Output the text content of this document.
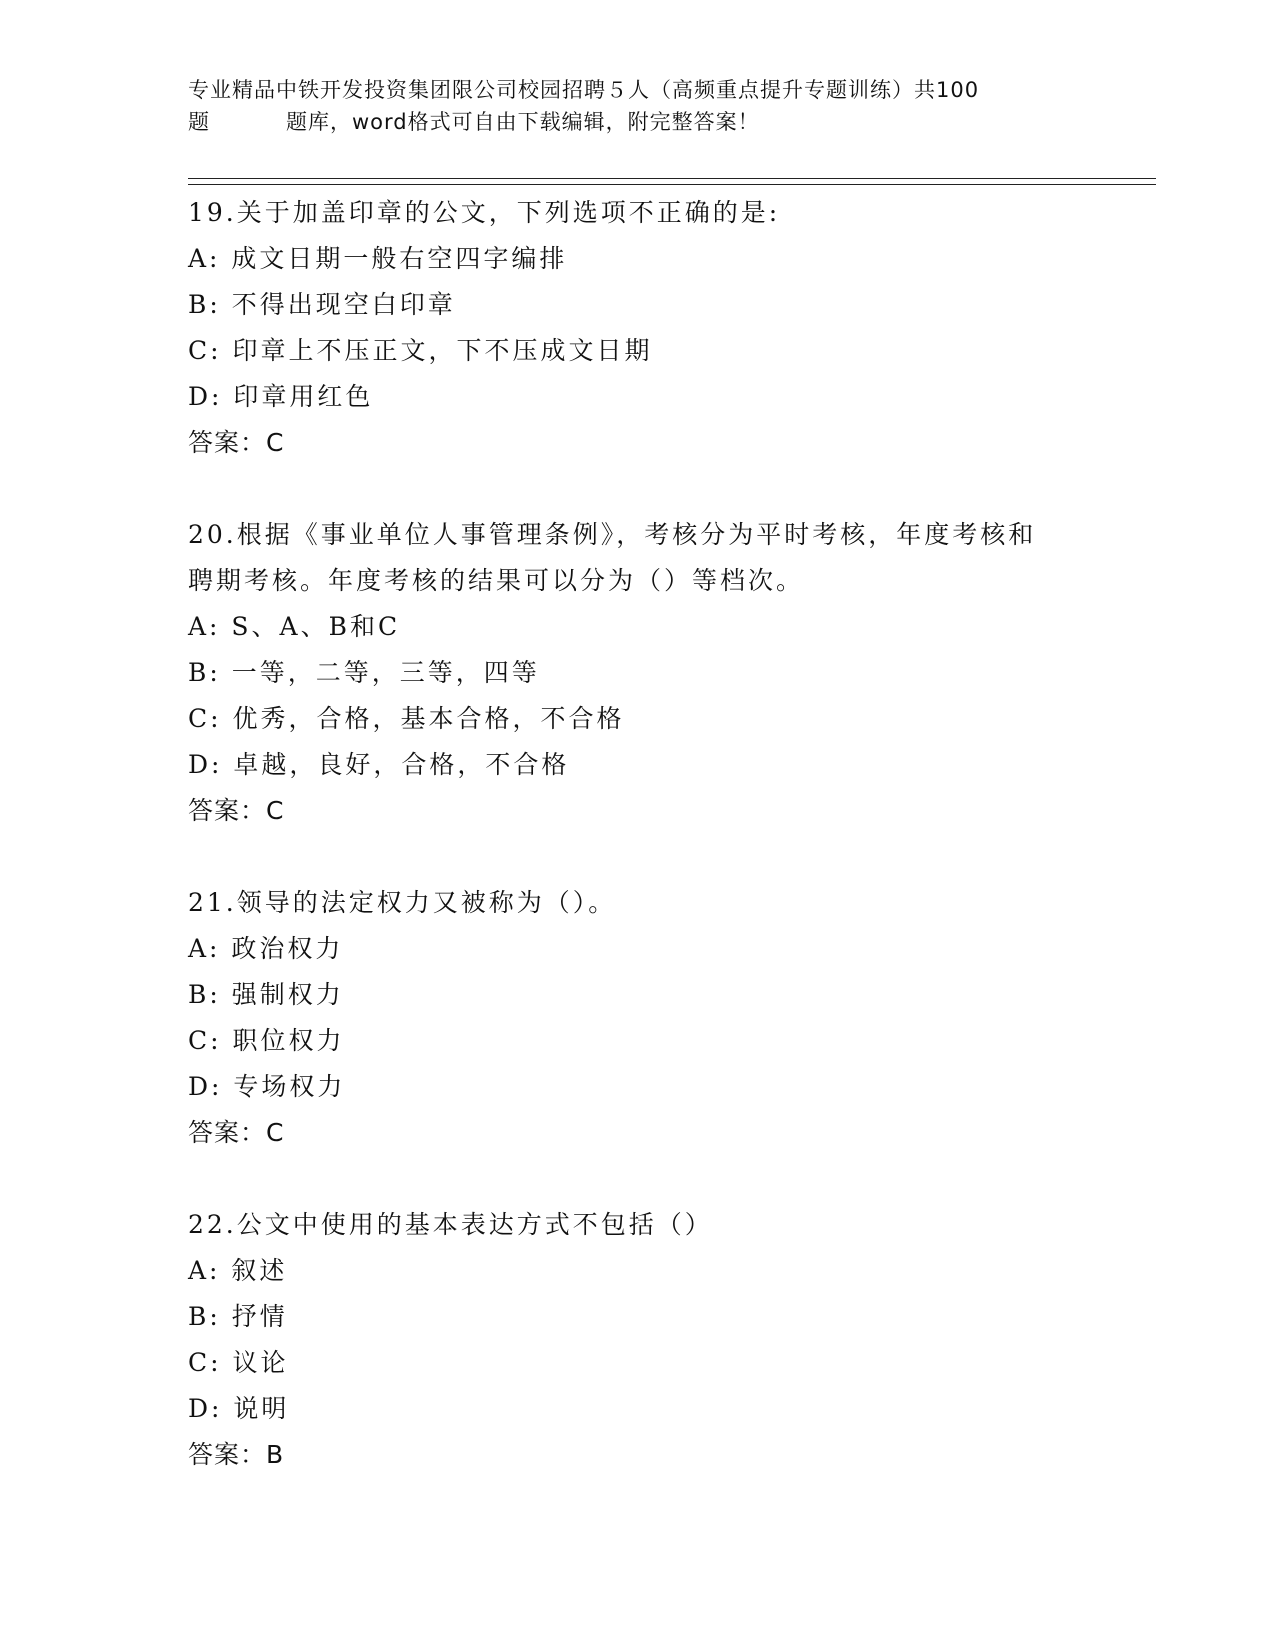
专业精品中铁开发投资集团限公司校园招聘５人（高频重点提升专题训练）共100
题	题库，word格式可自由下载编辑，附完整答案！
19.关于加盖印章的公文，下列选项不正确的是:
A: 成文日期一般右空四字编排
B: 不得出现空白印章
C: 印章上不压正文，下不压成文日期
D: 印章用红色
答案：C
20.根据《事业单位人事管理条例》，考核分为平时考核，年度考核和
聘期考核。年度考核的结果可以分为（）等档次。
A: S、A、B和C
B: 一等，二等，三等，四等
C: 优秀，合格，基本合格，不合格
D: 卓越，良好，合格，不合格
答案：C
21.领导的法定权力又被称为（）。
A: 政治权力
B: 强制权力
C: 职位权力
D: 专场权力
答案：C
22.公文中使用的基本表达方式不包括（）
A: 叙述
B: 抒情
C: 议论
D: 说明
答案：B
